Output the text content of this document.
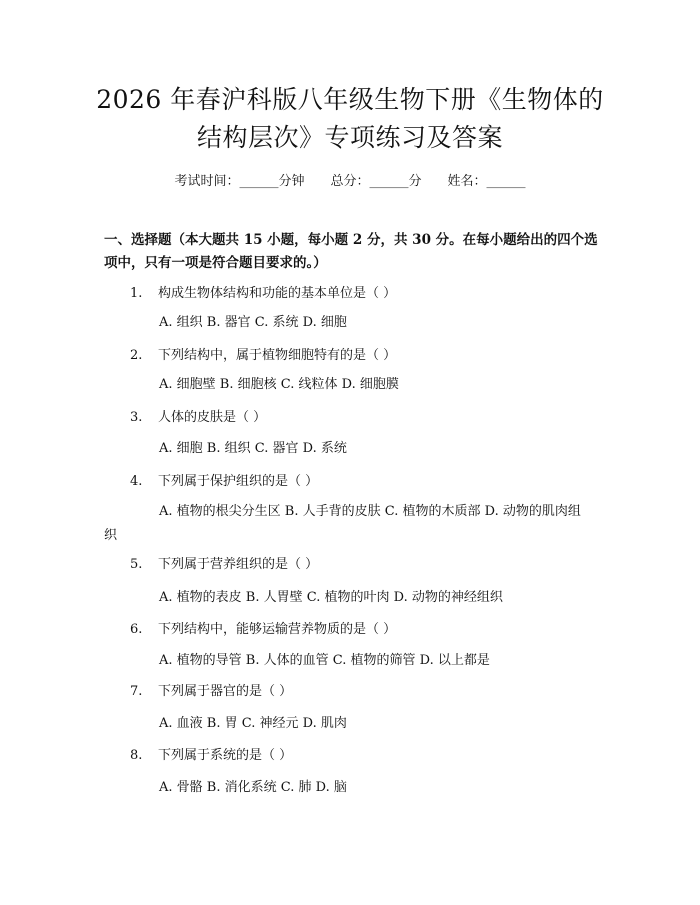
2026 年春沪科版八年级生物下册《生物体的
结构层次》专项练习及答案
考试时间：______分钟 总分：______分 姓名：______
一、选择题（本大题共 15 小题，每小题 2 分，共 30 分。在每小题给出的四个选
项中，只有一项是符合题目要求的。）
1. 构成生物体结构和功能的基本单位是（ ）
A. 组织 B. 器官 C. 系统 D. 细胞
2. 下列结构中，属于植物细胞特有的是（ ）
A. 细胞壁 B. 细胞核 C. 线粒体 D. 细胞膜
3. 人体的皮肤是（ ）
A. 细胞 B. 组织 C. 器官 D. 系统
4. 下列属于保护组织的是（ ）
A. 植物的根尖分生区 B. 人手背的皮肤 C. 植物的木质部 D. 动物的肌肉组织
5. 下列属于营养组织的是（ ）
A. 植物的表皮 B. 人胃壁 C. 植物的叶肉 D. 动物的神经组织
6. 下列结构中，能够运输营养物质的是（ ）
A. 植物的导管 B. 人体的血管 C. 植物的筛管 D. 以上都是
7. 下列属于器官的是（ ）
A. 血液 B. 胃 C. 神经元 D. 肌肉
8. 下列属于系统的是（ ）
A. 骨骼 B. 消化系统 C. 肺 D. 脑
